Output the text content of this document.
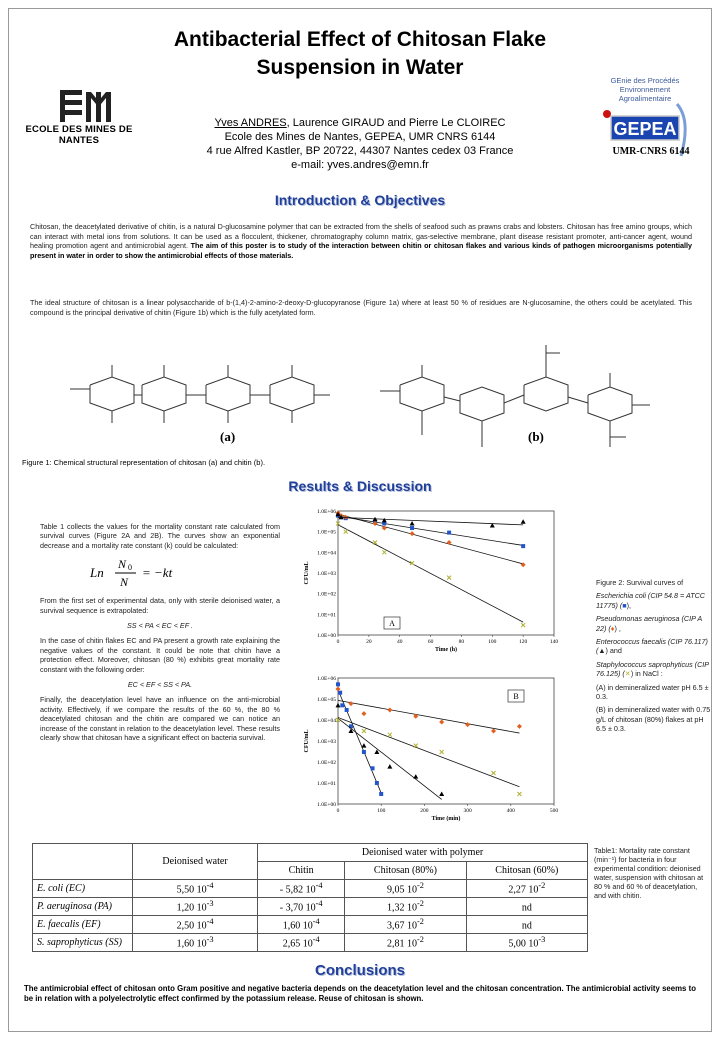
Antibacterial Effect of Chitosan Flake
Suspension in Water
ECOLE DES MINES DE NANTES
GEnie des Procédés
Environnement
Agroalimentaire
GEPEA
UMR-CNRS 6144
Yves ANDRES, Laurence GIRAUD and Pierre Le CLOIREC
Ecole des Mines de Nantes, GEPEA, UMR CNRS 6144
4 rue Alfred Kastler, BP 20722, 44307 Nantes cedex 03 France
e-mail: yves.andres@emn.fr
Introduction & Objectives
Chitosan, the deacetylated derivative of chitin, is a natural D-glucosamine polymer that can be extracted from the shells of seafood such as prawns crabs and lobsters. Chitosan has free amino groups, which can interact with metal ions from solutions. It can be used as a flocculent, thickener, chromatography column matrix, gas-selective membrane, plant disease resistant promoter, anti-cancer agent, wound healing promotion agent and antimicrobial agent. The aim of this poster is to study of the interaction between chitin or chitosan flakes and various kinds of pathogen microorganisms potentially present in water in order to show the antimicrobial effects of those materials.
The ideal structure of chitosan is a linear polysaccharide of b-(1,4)-2-amino-2-deoxy-D-glucopyranose (Figure 1a) where at least 50 % of residues are N-glucosamine, the others could be acetylated. This compound is the principal derivative of chitin (Figure 1b) which is the fully acetylated form.
(a)	(b)
Figure 1: Chemical structural representation of chitosan (a) and chitin (b).
Results & Discussion

Table 1 collects the values for the mortality constant rate calculated from survival curves (Figure 2A and 2B). The curves show an exponential decrease and a mortality rate constant (k) could be calculated:

Ln
N 0
N
= −kt

From the first set of experimental data, only with sterile deionised water, a survival sequence is extrapolated:

SS < PA < EC < EF .

In the case of chitin flakes EC and PA present a growth rate explaining the negative values of the constant. It could be note that chitin have a protection effect. Moreover, chitosan (80 %) exhibits great mortality rate constant with the following order:

EC < EF < SS < PA.

Finally, the deacetylation level have an influence on the anti-microbial activity. Effectively, if we compare the results of the 60 %, the 80 % deacetylated chitosan and the chitin are compared we can notice an increase of the constant in relation to the deacetylation level. These results clearly show that chitosan have a significant effect on bacteria survival.

1.0E+00
1.0E+01
1.0E+02
1.0E+03
1.0E+04
1.0E+05
1.0E+06
0	20	40	60	80	100	120	140
Time (h)
CFU/mL
A
1.0E+00
1.0E+01
1.0E+02
1.0E+03
1.0E+04
1.0E+05
1.0E+06
0	100	200	300	400	500
Time (min)
CFU/mL
B

Figure 2: Survival curves of

Escherichia coli (CIP 54.8 = ATCC 11775) (■),

Pseudomonas aeruginosa (CIP A 22) (♦) ,

Enterococcus faecalis (CIP 76.117) (▲) and

Staphylococcus saprophyticus (CIP 76.125) (✕) in NaCl :

(A) in demineralized water pH 6.5 ± 0.3.

(B) in demineralized water with 0.75 g/L of chitosan (80%) flakes at pH 6.5 ± 0.3.

	Deionised water	Deionised water with polymer		
		Chitin	Chitosan (80%)	Chitosan (60%)
E. coli (EC)	5,50 $10^{-4}$	- 5,82 $10^{-4}$	9,05 $10^{-2}$	2,27 $10^{-2}$
P. aeruginosa (PA)	1,20 $10^{-3}$	- 3,70 $10^{-4}$	1,32 $10^{-2}$	nd
E. faecalis (EF)	2,50 $10^{-4}$	1,60 $10^{-4}$	3,67 $10^{-2}$	nd
S. saprophyticus (SS)	1,60 $10^{-3}$	2,65 $10^{-4}$	2,81 $10^{-2}$	5,00 $10^{-3}$
Table1: Mortality rate constant (min⁻¹) for bacteria in four experimental condition: deionised water, suspension with chitosan at 80 % and 60 % of deacetylation, and with chitin.
Conclusions
The antimicrobial effect of chitosan onto Gram positive and negative bacteria depends on the deacetylation level and the chitosan concentration. The antimicrobial activity seems to be in relation with a polyelectrolytic effect confirmed by the potassium release. Reuse of chitosan is shown.
